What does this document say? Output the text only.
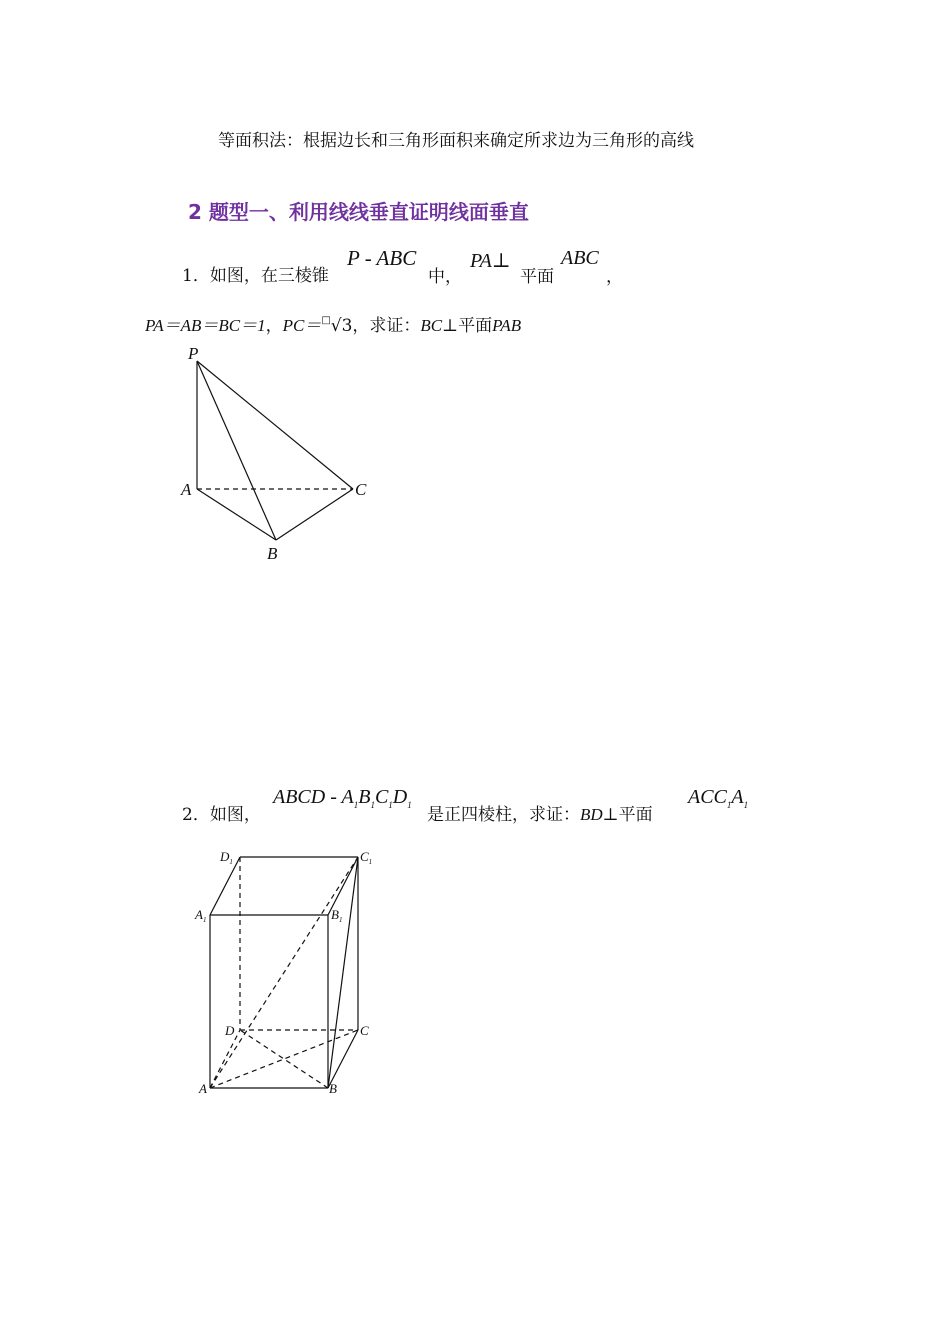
等面积法：根据边长和三角形面积来确定所求边为三角形的高线
2 题型一、利用线线垂直证明线面垂直
1．如图，在三棱锥
P - ABC
中，
PA⊥
平面
ABC
，
PA＝AB＝BC＝1，PC＝□√3，求证：BC⊥平面PAB
P
A	C
B
2．如图，
ABCD - $A_1B_1C_1D_1$ 是正四棱柱，求证：BD⊥平面
$ACC_1A_1$
$D_1$	$C_1$
$A_1$	$B_1$
D	C
A	B
